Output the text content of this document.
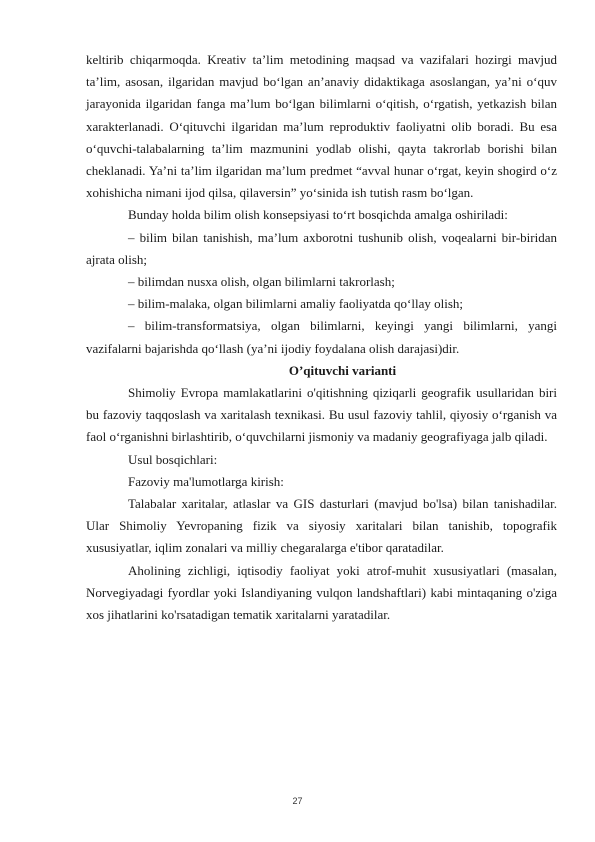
keltirib chiqarmoqda. Kreativ ta’lim metodining maqsad va vazifalari hozirgi mavjud ta’lim, asosan, ilgaridan mavjud bo‘lgan an’anaviy didaktikaga asoslangan, ya’ni o‘quv jarayonida ilgaridan fanga ma’lum bo‘lgan bilimlarni o‘qitish, o‘rgatish, yetkazish bilan xarakterlanadi. O‘qituvchi ilgaridan ma’lum reproduktiv faoliyatni olib boradi. Bu esa o‘quvchi-talabalarning ta’lim mazmunini yodlab olishi, qayta takrorlab borishi bilan cheklanadi. Ya’ni ta’lim ilgaridan ma’lum predmet “avval hunar o‘rgat, keyin shogird o‘z xohishicha nimani ijod qilsa, qilaversin” yo‘sinida ish tutish rasm bo‘lgan.

Bunday holda bilim olish konsepsiyasi to‘rt bosqichda amalga oshiriladi:

– bilim bilan tanishish, ma’lum axborotni tushunib olish, voqealarni bir-biridan ajrata olish;

– bilimdan nusxa olish, olgan bilimlarni takrorlash;

– bilim-malaka, olgan bilimlarni amaliy faoliyatda qo‘llay olish;

– bilim-transformatsiya, olgan bilimlarni, keyingi yangi bilimlarni, yangi vazifalarni bajarishda qo‘llash (ya’ni ijodiy foydalana olish darajasi)dir.

O’qituvchi varianti

Shimoliy Evropa mamlakatlarini o'qitishning qiziqarli geografik usullaridan biri bu fazoviy taqqoslash va xaritalash texnikasi. Bu usul fazoviy tahlil, qiyosiy o‘rganish va faol o‘rganishni birlashtirib, o‘quvchilarni jismoniy va madaniy geografiyaga jalb qiladi.

Usul bosqichlari:

Fazoviy ma'lumotlarga kirish:

Talabalar xaritalar, atlaslar va GIS dasturlari (mavjud bo'lsa) bilan tanishadilar. Ular Shimoliy Yevropaning fizik va siyosiy xaritalari bilan tanishib, topografik xususiyatlar, iqlim zonalari va milliy chegaralarga e'tibor qaratadilar.

Aholining zichligi, iqtisodiy faoliyat yoki atrof-muhit xususiyatlari (masalan, Norvegiyadagi fyordlar yoki Islandiyaning vulqon landshaftlari) kabi mintaqaning o'ziga xos jihatlarini ko'rsatadigan tematik xaritalarni yaratadilar.

27
